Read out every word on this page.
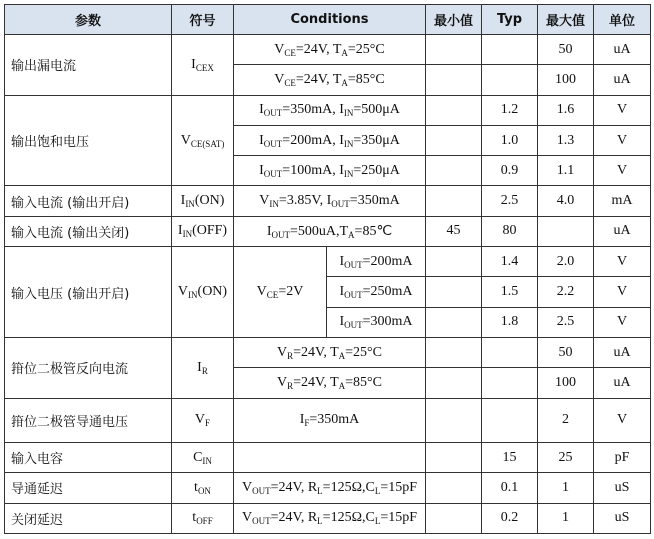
参数	符号	Conditions		最小值	Typ	最大值	单位
输出漏电流	$I_{CEX}$	$V_{CE}=24V$, $T_A=25^\circ C$				50	uA
		$V_{CE}=24V$, $T_A=85^\circ C$				100	uA
输出饱和电压	$V_{CE(SAT)}$	$I_{OUT}=350mA$, $I_{IN}=500\mu A$			1.2	1.6	V
		$I_{OUT}=200mA$, $I_{IN}=350\mu A$			1.0	1.3	V
		$I_{OUT}=100mA$, $I_{IN}=250\mu A$			0.9	1.1	V
输入电流 (输出开启)	$I_{IN}(ON)$	$V_{IN}=3.85V$, $I_{OUT}=350mA$			2.5	4.0	mA
输入电流 (输出关闭)	$I_{IN}(OFF)$	$I_{OUT}=500uA,T_A=85℃$		45	80		uA
输入电压 (输出开启)	$V_{IN}(ON)$	$V_{CE}=2V$	$I_{OUT}=200mA$		1.4	2.0	V
			$I_{OUT}=250mA$		1.5	2.2	V
			$I_{OUT}=300mA$		1.8	2.5	V
箝位二极管反向电流	$I_R$	$V_R=24V$, $T_A=25^\circ C$				50	uA
		$V_R=24V$, $T_A=85^\circ C$				100	uA
箝位二极管导通电压	$V_F$	$I_F=350mA$				2	V
输入电容	$C_{IN}$				15	25	pF
导通延迟	$t_{ON}$	$V_{OUT}=24V$, $R_L=125\Omega,C_L=15pF$			0.1	1	uS
关闭延迟	$t_{OFF}$	$V_{OUT}=24V$, $R_L=125\Omega,C_L=15pF$			0.2	1	uS
